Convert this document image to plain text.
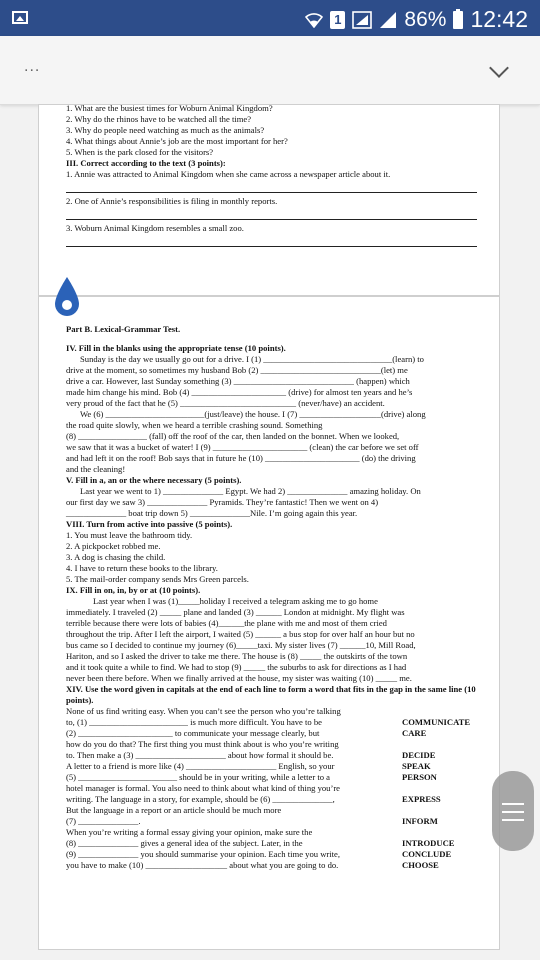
1	86% 12:42
...

1. What are the busiest times for Woburn Animal Kingdom?

2. Why do the rhinos have to be watched all the time?

3. Why do people need watching as much as the animals?

4. What things about Annie’s job are the most important for her?

5. When is the park closed for the visitors?

III. Correct according to the text (3 points):

1. Annie was attracted to Animal Kingdom when she came across a newspaper article about it.

2. One of Annie’s responsibilities is filing in monthly reports.

3. Woburn Animal Kingdom resembles a small zoo.

Part B. Lexical-Grammar Test.

IV. Fill in the blanks using the appropriate tense (10 points).

Sunday is the day we usually go out for a drive. I (1) ______________________________(learn) to

drive at the moment, so sometimes my husband Bob (2) ____________________________(let) me

drive a car. However, last Sunday something (3) ____________________________ (happen) which

made him change his mind. Bob (4) ______________________ (drive) for almost ten years and he’s

very proud of the fact that he (5) ___________________________ (never/have) an accident.

We (6) _______________________(just/leave) the house. I (7) ___________________(drive) along

the road quite slowly, when we heard a terrible crashing sound. Something

(8) ________________ (fall) off the roof of the car, then landed on the bonnet. When we looked,

we saw that it was a bucket of water! I (9) ______________________ (clean) the car before we set off

and had left it on the roof! Bob says that in future he (10) ______________________ (do) the driving

and the cleaning!

V. Fill in a, an or the where necessary (5 points).

Last year we went to 1) ______________ Egypt. We had 2) ______________ amazing holiday. On

our first day we saw 3) ______________ Pyramids. They’re fantastic! Then we went on 4)

______________ boat trip down 5) ______________Nile. I’m going again this year.

VIII. Turn from active into passive (5 points).

1. You must leave the bathroom tidy.

2. A pickpocket robbed me.

3. A dog is chasing the child.

4. I have to return these books to the library.

5. The mail-order company sends Mrs Green parcels.

IX. Fill in on, in, by or at (10 points).

Last year when I was (1)_____holiday I received a telegram asking me to go home

immediately. I traveled (2) _____ plane and landed (3) ______ London at midnight. My flight was

terrible because there were lots of babies (4)______the plane with me and most of them cried

throughout the trip. After I left the airport, I waited (5) ______ a bus stop for over half an hour but no

bus came so I decided to continue my journey (6)_____taxi. My sister lives (7) ______10, Mill Road,

Hariton, and so I asked the driver to take me there. The house is (8) _____ the outskirts of the town

and it took quite a while to find. We had to stop (9) _____ the suburbs to ask for directions as I had

never been there before. When we finally arrived at the house, my sister was waiting (10) _____ me.

XIV. Use the word given in capitals at the end of each line to form a word that fits in the gap in the same line (10 points).

None of us find writing easy. When you can’t see the person who you’re talking

to, (1) _______________________ is much more difficult. You have to be	COMMUNICATE

(2) ______________________ to communicate your message clearly, but	CARE

how do you do that? The first thing you must think about is who you’re writing

to. Then make a (3) _____________________ about how formal it should be.	DECIDE

A letter to a friend is more like (4) _____________________ English, so your	SPEAK

(5) _______________________ should be in your writing, while a letter to a	PERSON

hotel manager is formal. You also need to think about what kind of thing you’re

writing. The language in a story, for example, should be (6) ______________,	EXPRESS

But the language in a report or an article should be much more

(7) ______________.	INFORM

When you’re writing a formal essay giving your opinion, make sure the

(8) ______________ gives a general idea of the subject. Later, in the	INTRODUCE

(9) ______________ you should summarise your opinion. Each time you write,	CONCLUDE

you have to make (10) ___________________ about what you are going to do.	CHOOSE
